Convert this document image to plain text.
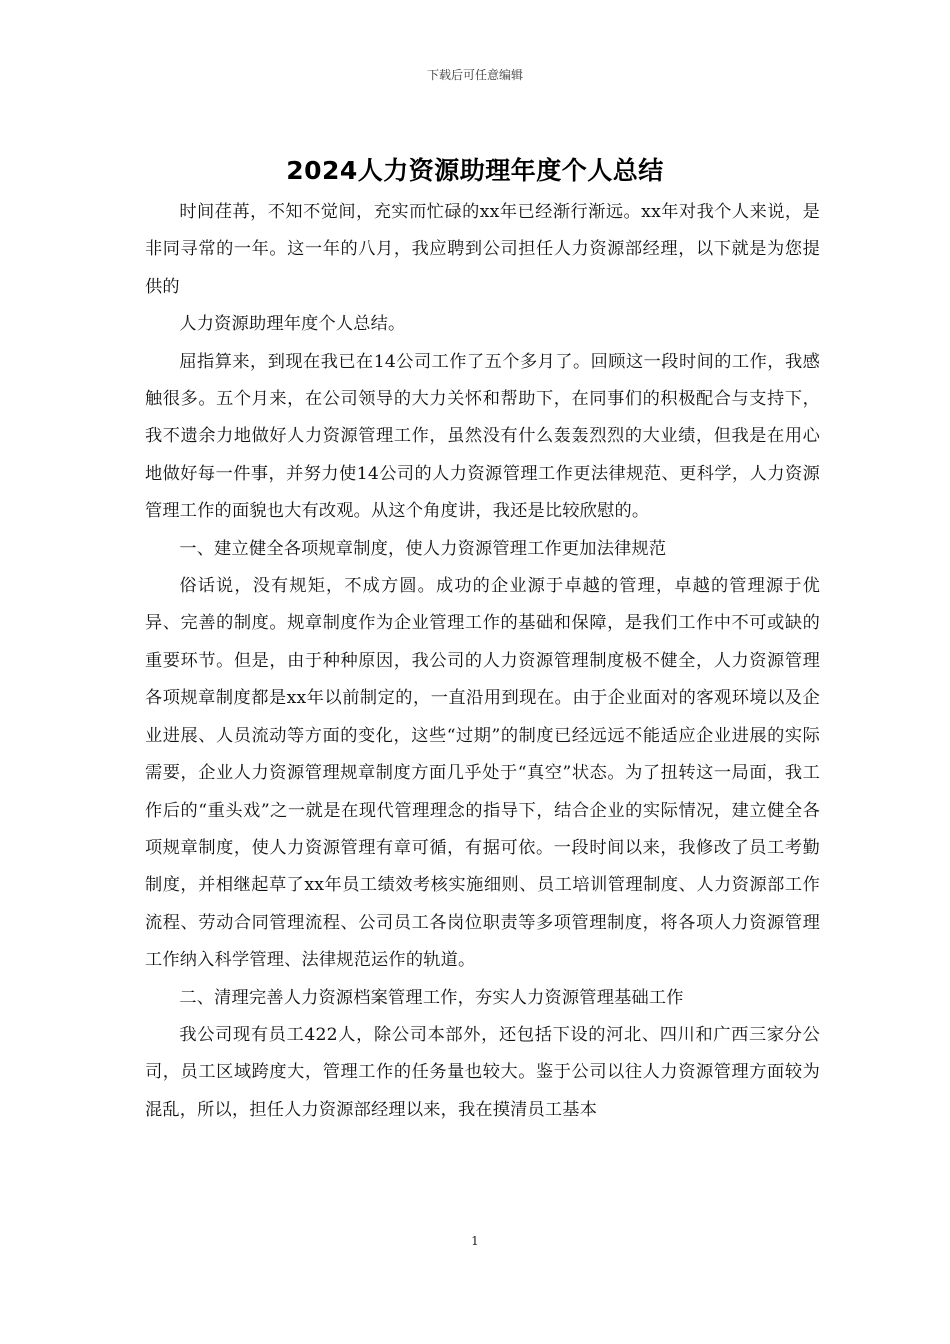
下载后可任意编辑
2024人力资源助理年度个人总结

时间荏苒，不知不觉间，充实而忙碌的xx年已经渐行渐远。xx年对我个人来说，是非同寻常的一年。这一年的八月，我应聘到公司担任人力资源部经理，以下就是为您提供的

人力资源助理年度个人总结。

屈指算来，到现在我已在14公司工作了五个多月了。回顾这一段时间的工作，我感触很多。五个月来，在公司领导的大力关怀和帮助下，在同事们的积极配合与支持下，我不遗余力地做好人力资源管理工作，虽然没有什么轰轰烈烈的大业绩，但我是在用心地做好每一件事，并努力使14公司的人力资源管理工作更法律规范、更科学，人力资源管理工作的面貌也大有改观。从这个角度讲，我还是比较欣慰的。

一、建立健全各项规章制度，使人力资源管理工作更加法律规范

俗话说，没有规矩，不成方圆。成功的企业源于卓越的管理，卓越的管理源于优异、完善的制度。规章制度作为企业管理工作的基础和保障，是我们工作中不可或缺的重要环节。但是，由于种种原因，我公司的人力资源管理制度极不健全，人力资源管理各项规章制度都是xx年以前制定的，一直沿用到现在。由于企业面对的客观环境以及企业进展、人员流动等方面的变化，这些“过期”的制度已经远远不能适应企业进展的实际需要，企业人力资源管理规章制度方面几乎处于“真空”状态。为了扭转这一局面，我工作后的“重头戏”之一就是在现代管理理念的指导下，结合企业的实际情况，建立健全各项规章制度，使人力资源管理有章可循，有据可依。一段时间以来，我修改了员工考勤制度，并相继起草了xx年员工绩效考核实施细则、员工培训管理制度、人力资源部工作流程、劳动合同管理流程、公司员工各岗位职责等多项管理制度，将各项人力资源管理工作纳入科学管理、法律规范运作的轨道。

二、清理完善人力资源档案管理工作，夯实人力资源管理基础工作

我公司现有员工422人，除公司本部外，还包括下设的河北、四川和广西三家分公司，员工区域跨度大，管理工作的任务量也较大。鉴于公司以往人力资源管理方面较为混乱，所以，担任人力资源部经理以来，我在摸清员工基本

1
